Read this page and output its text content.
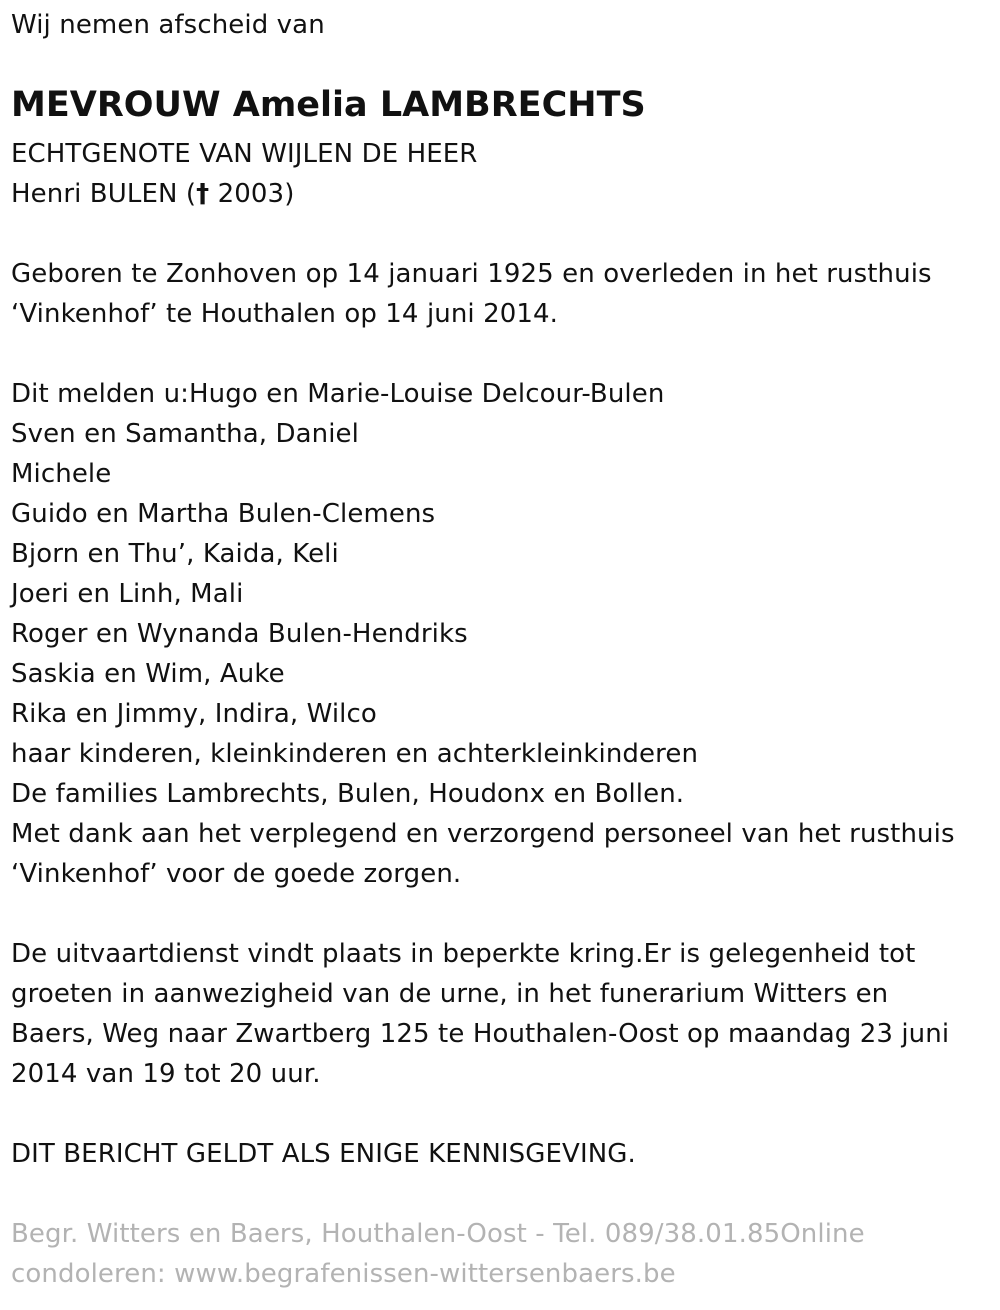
Wij nemen afscheid van
MEVROUW Amelia LAMBRECHTS
ECHTGENOTE VAN WIJLEN DE HEER
Henri BULEN († 2003)
Geboren te Zonhoven op 14 januari 1925 en overleden in het rusthuis
‘Vinkenhof’ te Houthalen op 14 juni 2014.
Dit melden u:Hugo en Marie-Louise Delcour-Bulen
Sven en Samantha, Daniel
Michele
Guido en Martha Bulen-Clemens
Bjorn en Thu’, Kaida, Keli
Joeri en Linh, Mali
Roger en Wynanda Bulen-Hendriks
Saskia en Wim, Auke
Rika en Jimmy, Indira, Wilco
haar kinderen, kleinkinderen en achterkleinkinderen
De families Lambrechts, Bulen, Houdonx en Bollen.
Met dank aan het verplegend en verzorgend personeel van het rusthuis
‘Vinkenhof’ voor de goede zorgen.
De uitvaartdienst vindt plaats in beperkte kring.Er is gelegenheid tot
groeten in aanwezigheid van de urne, in het funerarium Witters en
Baers, Weg naar Zwartberg 125 te Houthalen-Oost op maandag 23 juni
2014 van 19 tot 20 uur.
DIT BERICHT GELDT ALS ENIGE KENNISGEVING.
Begr. Witters en Baers, Houthalen-Oost - Tel. 089/38.01.85Online
condoleren: www.begrafenissen-wittersenbaers.be
